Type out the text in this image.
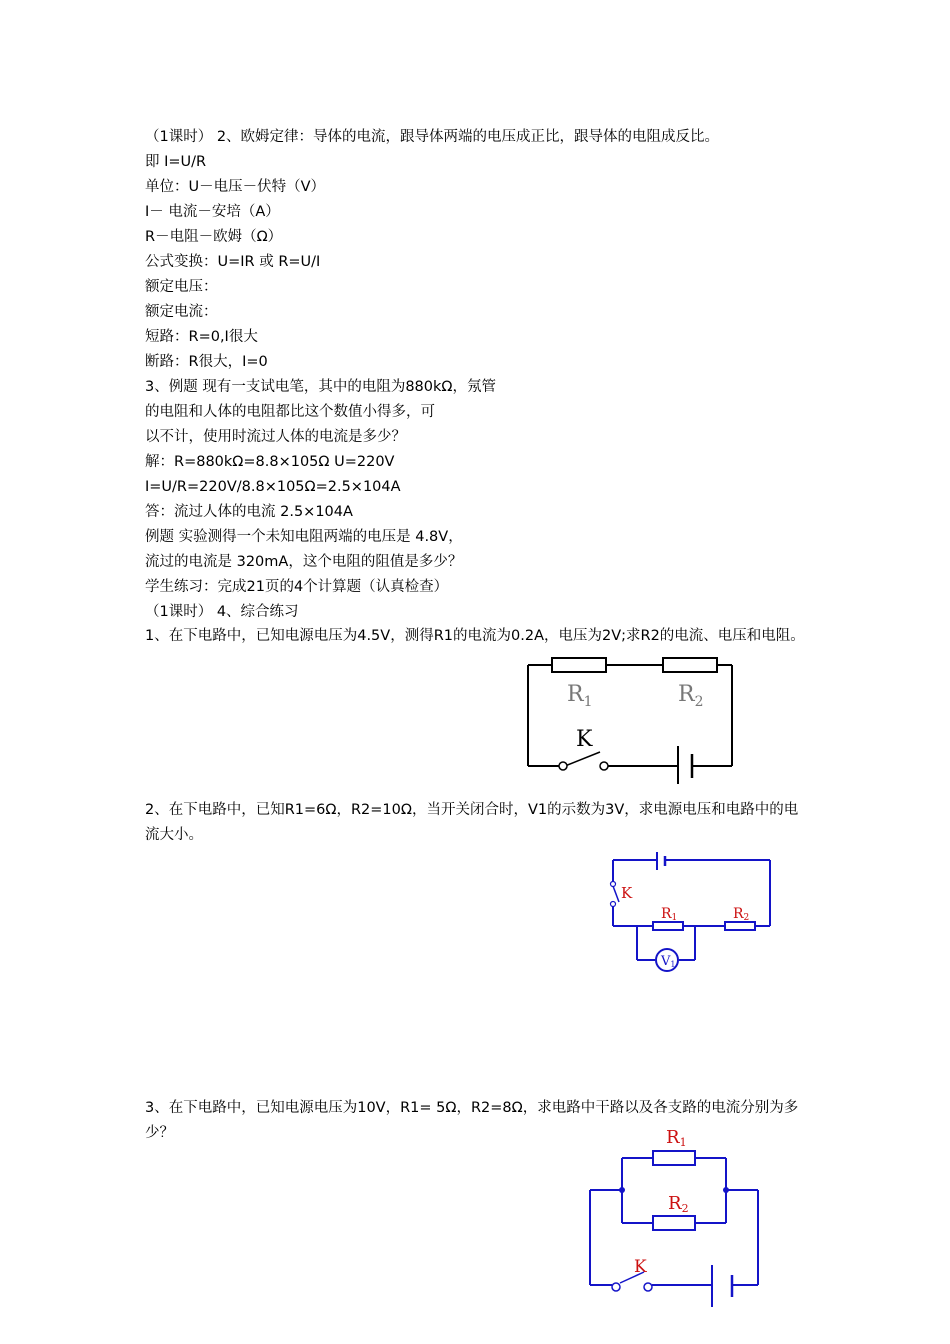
（1课时） 2、欧姆定律：导体的电流，跟导体两端的电压成正比，跟导体的电阻成反比。
即 I=U/R
单位：U－电压－伏特（V）
I－ 电流－安培（A）
R－电阻－欧姆（Ω）
公式变换：U=IR 或 R=U/I
额定电压：
额定电流：
短路：R=0,I很大
断路：R很大，I=0
3、例题 现有一支试电笔，其中的电阻为880kΩ，氖管
的电阻和人体的电阻都比这个数值小得多，可
以不计，使用时流过人体的电流是多少？
解：R=880kΩ=8.8×105Ω U=220V
I=U/R=220V/8.8×105Ω=2.5×104A
答：流过人体的电流 2.5×104A
例题 实验测得一个未知电阻两端的电压是 4.8V，
流过的电流是 320mA，这个电阻的阻值是多少？
学生练习：完成21页的4个计算题（认真检查）
（1课时） 4、综合练习
1、在下电路中，已知电源电压为4.5V，测得R1的电流为0.2A，电压为2V;求R2的电流、电压和电阻。
2、在下电路中，已知R1=6Ω，R2=10Ω，当开关闭合时，V1的示数为3V，求电源电压和电路中的电流大小。
3、在下电路中，已知电源电压为10V，R1= 5Ω，R2=8Ω，求电路中干路以及各支路的电流分别为多少？
$R_1$	$R_2$
K
V1
K
R1	R2
R1
R2
K
